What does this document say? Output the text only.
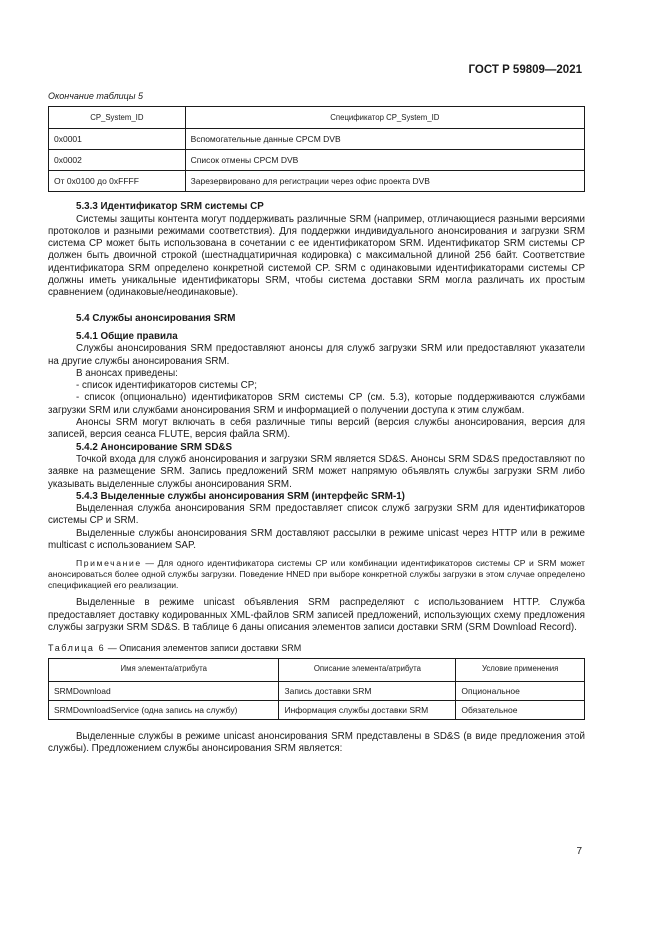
ГОСТ Р 59809—2021

Окончание таблицы 5

CP_System_ID	Спецификатор CP_System_ID
0x0001	Вспомогательные данные CPCM DVB
0x0002	Список отмены CPCM DVB
От 0x0100 до 0xFFFF	Зарезервировано для регистрации через офис проекта DVB
5.3.3 Идентификатор SRM системы CP

Системы защиты контента могут поддерживать различные SRM (например, отличающиеся разными версиями протоколов и разными режимами соответствия). Для поддержки индивидуального анонсирования и загрузки SRM система CP может быть использована в сочетании с ее идентификатором SRM. Идентификатор SRM системы CP должен быть двоичной строкой (шестнадцатиричная кодировка) с максимальной длиной 256 байт. Соответствие идентификатора SRM определено конкретной системой CP. SRM с одинаковыми идентификаторами системы CP должны иметь уникальные идентификаторы SRM, чтобы система доставки SRM могла различать их простым сравнением (одинаковые/неодинаковые).

5.4 Службы анонсирования SRM
5.4.1 Общие правила

Службы анонсирования SRM предоставляют анонсы для служб загрузки SRM или предоставляют указатели на другие службы анонсирования SRM.

В анонсах приведены:

- список идентификаторов системы CP;

- список (опционально) идентификаторов SRM системы CP (см. 5.3), которые поддерживаются службами загрузки SRM или службами анонсирования SRM и информацией о получении доступа к этим службам.

Анонсы SRM могут включать в себя различные типы версий (версия службы анонсирования, версия для записей, версия сеанса FLUTE, версия файла SRM).

5.4.2 Анонсирование SRM SD&S

Точкой входа для служб анонсирования и загрузки SRM является SD&S. Анонсы SRM SD&S предоставляют по заявке на размещение SRM. Запись предложений SRM может напрямую объявлять службы загрузки SRM либо указывать выделенные службы анонсирования SRM.

5.4.3 Выделенные службы анонсирования SRM (интерфейс SRM-1)

Выделенная служба анонсирования SRM предоставляет список служб загрузки SRM для идентификаторов системы CP и SRM.

Выделенные службы анонсирования SRM доставляют рассылки в режиме unicast через HTTP или в режиме multicast с использованием SAP.

Примечание — Для одного идентификатора системы CP или комбинации идентификаторов системы CP и SRM может анонсироваться более одной службы загрузки. Поведение HNED при выборе конкретной службы загрузки в этом случае определено спецификацией его реализации.

Выделенные в режиме unicast объявления SRM распределяют с использованием HTTP. Служба предоставляет доставку кодированных XML-файлов SRM записей предложений, использующих схему предложения службы загрузки SRM SD&S. В таблице 6 даны описания элементов записи доставки SRM (SRM Download Record).

Таблица 6 — Описания элементов записи доставки SRM

Имя элемента/атрибута	Описание элемента/атрибута	Условие применения
SRMDownload	Запись доставки SRM	Опциональное
SRMDownloadService (одна запись на службу)	Информация службы доставки SRM	Обязательное

Выделенные службы в режиме unicast анонсирования SRM представлены в SD&S (в виде предложения этой службы). Предложением службы анонсирования SRM является:

7
